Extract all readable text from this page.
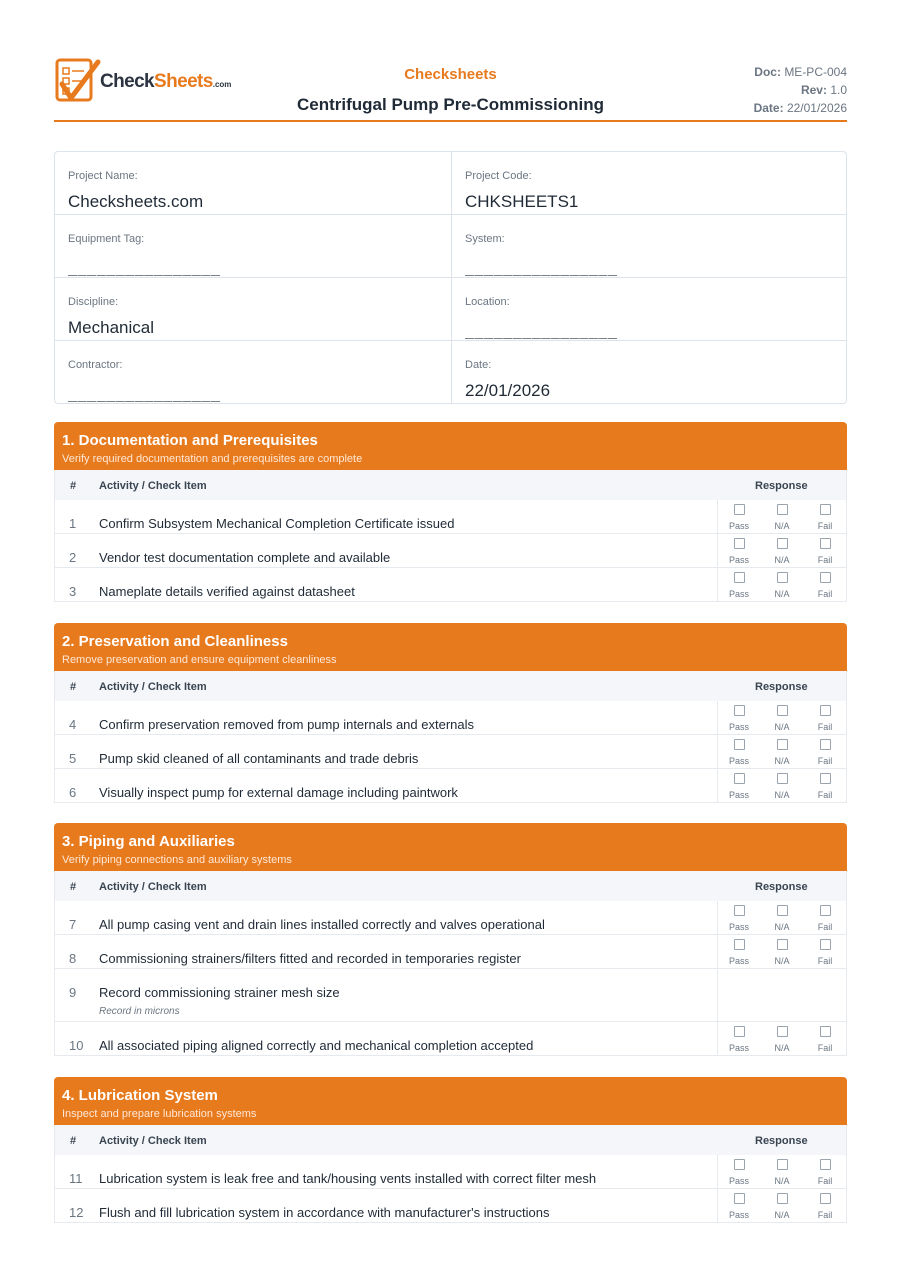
CheckSheets.com
Checksheets
Centrifugal Pump Pre-Commissioning
Doc: ME-PC-004
Rev: 1.0
Date: 22/01/2026
Project Name:
Checksheets.com
Project Code:
CHKSHEETS1
Equipment Tag:
________________
System:
________________
Discipline:
Mechanical
Location:
________________
Contractor:
________________
Date:
22/01/2026
1. Documentation and Prerequisites
Verify required documentation and prerequisites are complete
# Activity / Check Item	Response
1 Confirm Subsystem Mechanical Completion Certificate issued	Pass	N/A	Fail
2 Vendor test documentation complete and available	Pass	N/A	Fail
3 Nameplate details verified against datasheet	Pass	N/A	Fail
2. Preservation and Cleanliness
Remove preservation and ensure equipment cleanliness
# Activity / Check Item	Response
4 Confirm preservation removed from pump internals and externals	Pass	N/A	Fail
5 Pump skid cleaned of all contaminants and trade debris	Pass	N/A	Fail
6 Visually inspect pump for external damage including paintwork	Pass	N/A	Fail
3. Piping and Auxiliaries
Verify piping connections and auxiliary systems
# Activity / Check Item	Response
7 All pump casing vent and drain lines installed correctly and valves operational	Pass	N/A	Fail
8 Commissioning strainers/filters fitted and recorded in temporaries register	Pass	N/A	Fail
9 Record commissioning strainer mesh size
Record in microns
10 All associated piping aligned correctly and mechanical completion accepted	Pass	N/A	Fail
4. Lubrication System
Inspect and prepare lubrication systems
# Activity / Check Item	Response
11 Lubrication system is leak free and tank/housing vents installed with correct filter mesh	Pass	N/A	Fail
12 Flush and fill lubrication system in accordance with manufacturer's instructions	Pass	N/A	Fail
